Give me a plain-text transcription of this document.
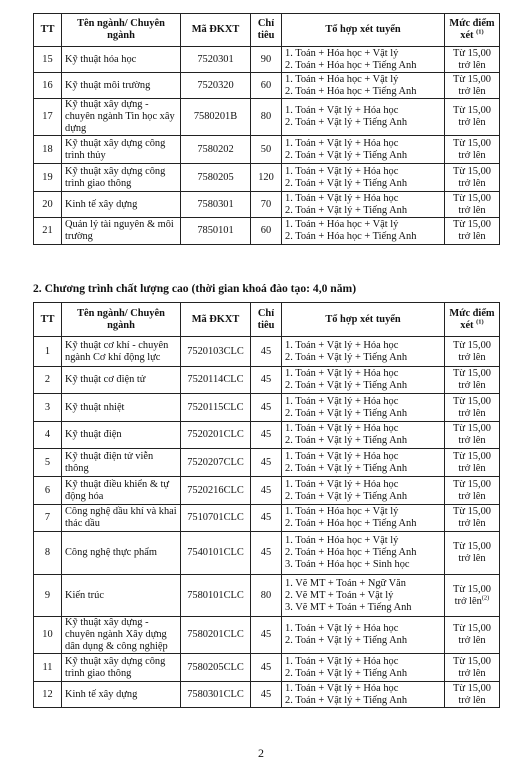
TT	Tên ngành/ Chuyên ngành	Mã ĐKXT	Chỉ tiêu	Tổ hợp xét tuyển	Mức điểm xét $^{(1)}$
15	Kỹ thuật hóa học	7520301	90	1. Toán + Hóa học + Vật lý
2. Toán + Hóa học + Tiếng Anh	Từ 15,00 trở lên
16	Kỹ thuật môi trường	7520320	60	1. Toán + Hóa học + Vật lý
2. Toán + Hóa học + Tiếng Anh	Từ 15,00 trở lên
17	Kỹ thuật xây dựng - chuyên ngành Tin học xây dựng	7580201B	80	1. Toán + Vật lý + Hóa học
2. Toán + Vật lý + Tiếng Anh	Từ 15,00 trở lên
18	Kỹ thuật xây dựng công trình thủy	7580202	50	1. Toán + Vật lý + Hóa học
2. Toán + Vật lý + Tiếng Anh	Từ 15,00 trở lên
19	Kỹ thuật xây dựng công trình giao thông	7580205	120	1. Toán + Vật lý + Hóa học
2. Toán + Vật lý + Tiếng Anh	Từ 15,00 trở lên
20	Kinh tế xây dựng	7580301	70	1. Toán + Vật lý + Hóa học
2. Toán + Vật lý + Tiếng Anh	Từ 15,00 trở lên
21	Quản lý tài nguyên & môi trường	7850101	60	1. Toán + Hóa học + Vật lý
2. Toán + Hóa học + Tiếng Anh	Từ 15,00 trở lên
2. Chương trình chất lượng cao (thời gian khoá đào tạo: 4,0 năm)
TT	Tên ngành/ Chuyên ngành	Mã ĐKXT	Chỉ tiêu	Tổ hợp xét tuyển	Mức điểm xét $^{(1)}$
1	Kỹ thuật cơ khí - chuyên ngành Cơ khí động lực	7520103CLC	45	1. Toán + Vật lý + Hóa học
2. Toán + Vật lý + Tiếng Anh	Từ 15,00 trở lên
2	Kỹ thuật cơ điện tử	7520114CLC	45	1. Toán + Vật lý + Hóa học
2. Toán + Vật lý + Tiếng Anh	Từ 15,00 trở lên
3	Kỹ thuật nhiệt	7520115CLC	45	1. Toán + Vật lý + Hóa học
2. Toán + Vật lý + Tiếng Anh	Từ 15,00 trở lên
4	Kỹ thuật điện	7520201CLC	45	1. Toán + Vật lý + Hóa học
2. Toán + Vật lý + Tiếng Anh	Từ 15,00 trở lên
5	Kỹ thuật điện tử viễn thông	7520207CLC	45	1. Toán + Vật lý + Hóa học
2. Toán + Vật lý + Tiếng Anh	Từ 15,00 trở lên
6	Kỹ thuật điều khiển & tự động hóa	7520216CLC	45	1. Toán + Vật lý + Hóa học
2. Toán + Vật lý + Tiếng Anh	Từ 15,00 trở lên
7	Công nghệ dầu khí và khai thác dầu	7510701CLC	45	1. Toán + Hóa học + Vật lý
2. Toán + Hóa học + Tiếng Anh	Từ 15,00 trở lên
8	Công nghệ thực phẩm	7540101CLC	45	1. Toán + Hóa học + Vật lý
2. Toán + Hóa học + Tiếng Anh
3. Toán + Hóa học + Sinh học	Từ 15,00 trở lên
9	Kiến trúc	7580101CLC	80	1. Vẽ MT + Toán + Ngữ Văn
2. Vẽ MT + Toán + Vật lý
3. Vẽ MT + Toán + Tiếng Anh	Từ 15,00 trở lên$^{(2)}$
10	Kỹ thuật xây dựng - chuyên ngành Xây dựng dân dụng & công nghiệp	7580201CLC	45	1. Toán + Vật lý + Hóa học
2. Toán + Vật lý + Tiếng Anh	Từ 15,00 trở lên
11	Kỹ thuật xây dựng công trình giao thông	7580205CLC	45	1. Toán + Vật lý + Hóa học
2. Toán + Vật lý + Tiếng Anh	Từ 15,00 trở lên
12	Kinh tế xây dựng	7580301CLC	45	1. Toán + Vật lý + Hóa học
2. Toán + Vật lý + Tiếng Anh	Từ 15,00 trở lên
2
